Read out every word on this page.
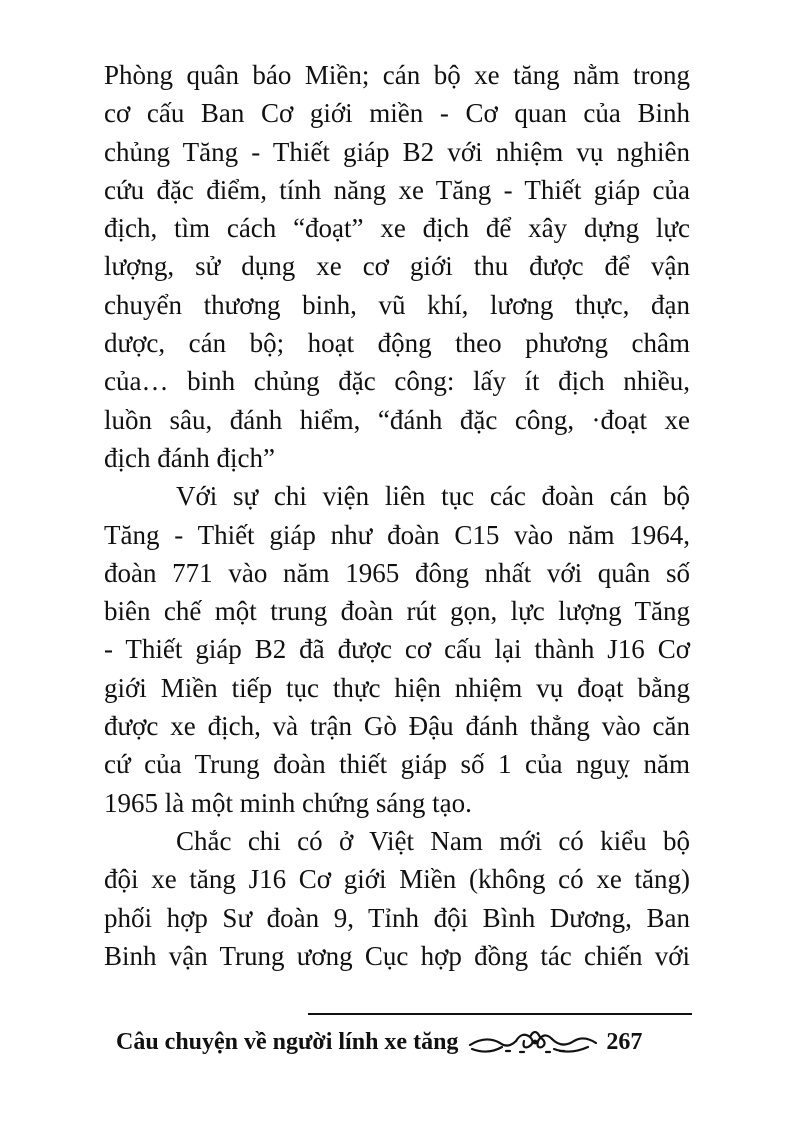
Phòng quân báo Miền; cán bộ xe tăng nằm trong
cơ cấu Ban Cơ giới miền - Cơ quan của Binh
chủng Tăng - Thiết giáp B2 với nhiệm vụ nghiên
cứu đặc điểm, tính năng xe Tăng - Thiết giáp của
địch, tìm cách “đoạt” xe địch để xây dựng lực
lượng, sử dụng xe cơ giới thu được để vận
chuyển thương binh, vũ khí, lương thực, đạn
dược, cán bộ; hoạt động theo phương châm
của… binh chủng đặc công: lấy ít địch nhiều,
luồn sâu, đánh hiểm, “đánh đặc công, ·đoạt xe
địch đánh địch”

Với sự chi viện liên tục các đoàn cán bộ
Tăng - Thiết giáp như đoàn C15 vào năm 1964,
đoàn 771 vào năm 1965 đông nhất với quân số
biên chế một trung đoàn rút gọn, lực lượng Tăng
- Thiết giáp B2 đã được cơ cấu lại thành J16 Cơ
giới Miền tiếp tục thực hiện nhiệm vụ đoạt bằng
được xe địch, và trận Gò Đậu đánh thẳng vào căn
cứ của Trung đoàn thiết giáp số 1 của nguỵ năm
1965 là một minh chứng sáng tạo.

Chắc chi có ở Việt Nam mới có kiểu bộ
đội xe tăng J16 Cơ giới Miền (không có xe tăng)
phối hợp Sư đoàn 9, Tỉnh đội Bình Dương, Ban
Binh vận Trung ương Cục hợp đồng tác chiến với

Câu chuyện về người lính xe tăng	267
